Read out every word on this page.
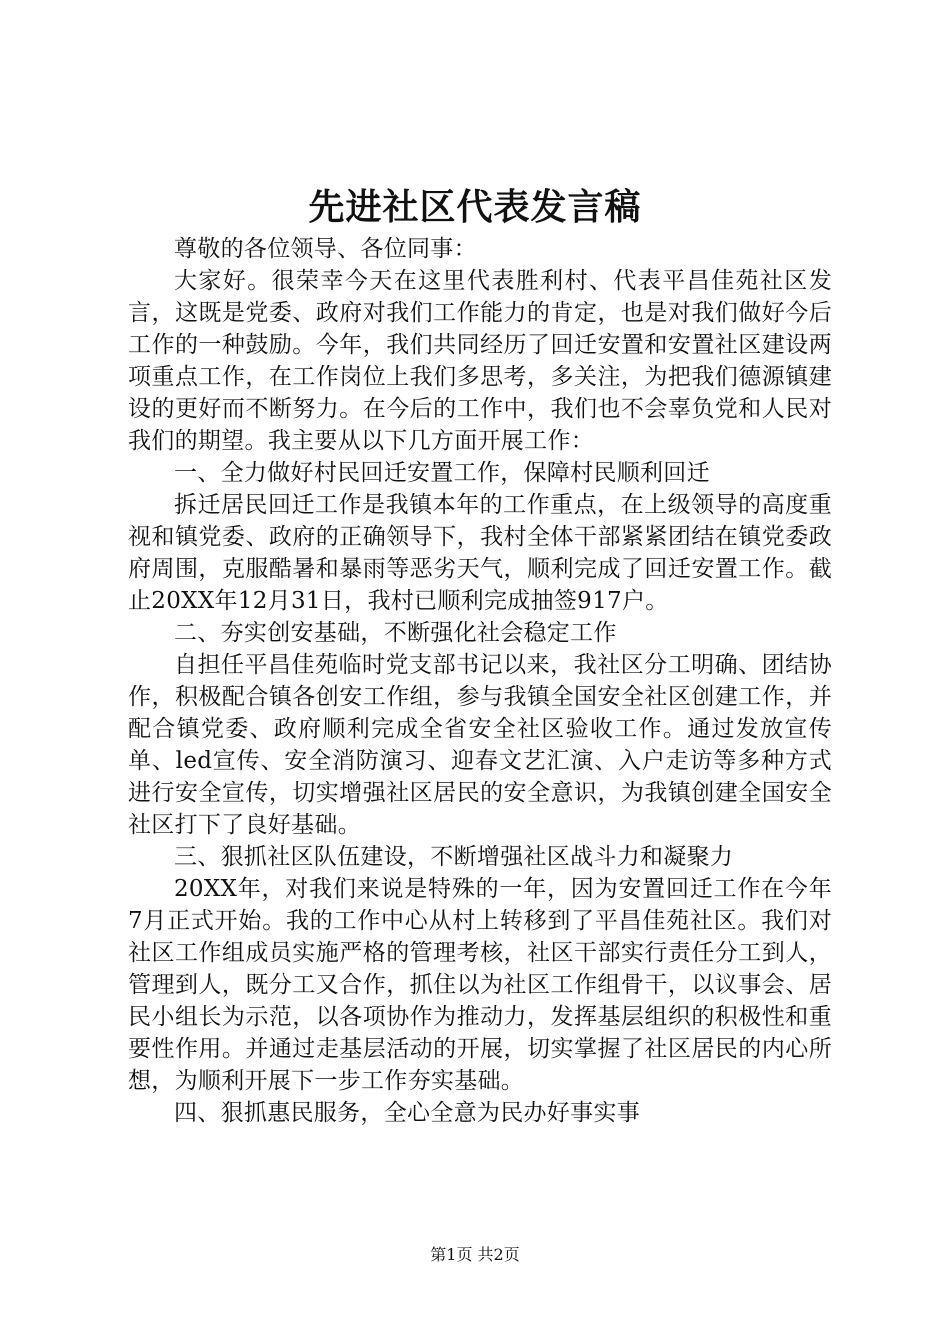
先进社区代表发言稿

尊敬的各位领导、各位同事：

大家好。很荣幸今天在这里代表胜利村、代表平昌佳苑社区发言，这既是党委、政府对我们工作能力的肯定，也是对我们做好今后工作的一种鼓励。今年，我们共同经历了回迁安置和安置社区建设两项重点工作，在工作岗位上我们多思考，多关注，为把我们德源镇建设的更好而不断努力。在今后的工作中，我们也不会辜负党和人民对我们的期望。我主要从以下几方面开展工作：

一、全力做好村民回迁安置工作，保障村民顺利回迁

拆迁居民回迁工作是我镇本年的工作重点，在上级领导的高度重视和镇党委、政府的正确领导下，我村全体干部紧紧团结在镇党委政府周围，克服酷暑和暴雨等恶劣天气，顺利完成了回迁安置工作。截止20XX年12月31日，我村已顺利完成抽签917户。

二、夯实创安基础，不断强化社会稳定工作

自担任平昌佳苑临时党支部书记以来，我社区分工明确、团结协作，积极配合镇各创安工作组，参与我镇全国安全社区创建工作，并配合镇党委、政府顺利完成全省安全社区验收工作。通过发放宣传单、led宣传、安全消防演习、迎春文艺汇演、入户走访等多种方式进行安全宣传，切实增强社区居民的安全意识，为我镇创建全国安全社区打下了良好基础。

三、狠抓社区队伍建设，不断增强社区战斗力和凝聚力

20XX年，对我们来说是特殊的一年，因为安置回迁工作在今年7月正式开始。我的工作中心从村上转移到了平昌佳苑社区。我们对社区工作组成员实施严格的管理考核，社区干部实行责任分工到人，管理到人，既分工又合作，抓住以为社区工作组骨干，以议事会、居民小组长为示范，以各项协作为推动力，发挥基层组织的积极性和重要性作用。并通过走基层活动的开展，切实掌握了社区居民的内心所想，为顺利开展下一步工作夯实基础。

四、狠抓惠民服务，全心全意为民办好事实事

第1页 共2页
